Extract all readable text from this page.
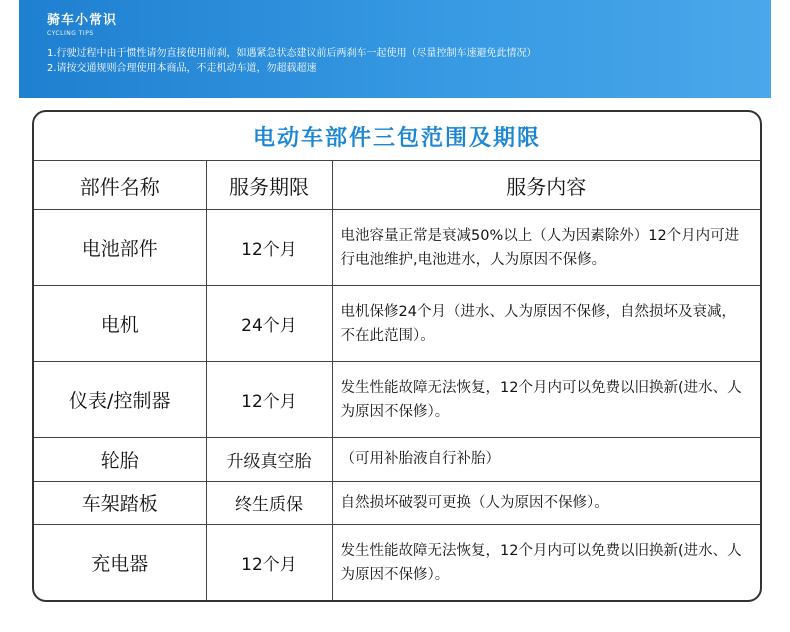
骑车小常识
CYCLING TIPS
1.行驶过程中由于惯性请勿直接使用前刹，如遇紧急状态建议前后两刹车一起使用（尽量控制车速避免此情况）
2.请按交通规则合理使用本商品，不走机动车道，勿超载超速
电动车部件三包范围及期限		
部件名称	服务期限	服务内容
电池部件	12个月	电池容量正常是衰减50%以上（人为因素除外）12个月内可进行电池维护,电池进水，人为原因不保修。
电机	24个月	电机保修24个月（进水、人为原因不保修，自然损坏及衰减，不在此范围）。
仪表/控制器	12个月	发生性能故障无法恢复，12个月内可以免费以旧换新(进水、人为原因不保修）。
轮胎	升级真空胎	（可用补胎液自行补胎）
车架踏板	终生质保	自然损坏破裂可更换（人为原因不保修）。
充电器	12个月	发生性能故障无法恢复，12个月内可以免费以旧换新(进水、人为原因不保修）。
